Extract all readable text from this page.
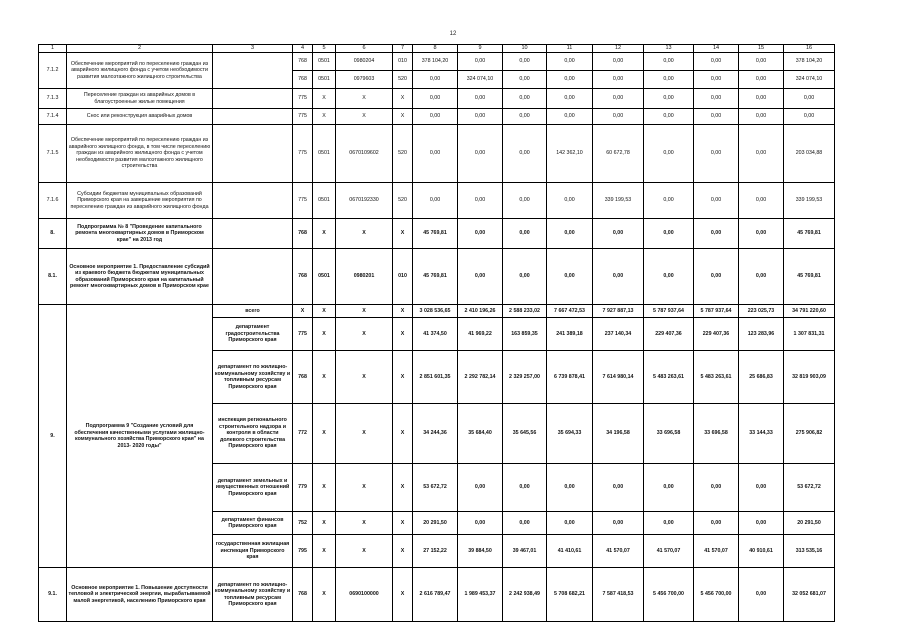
12
1	2	3	4	5	6	7	8	9	10	11	12	13	14	15	16
7.1.2	Обеспечение мероприятий по переселению граждан из аварийного жилищного фонда с учетом необходимости развития малоэтажного жилищного строительства		768	0501	0980204	010	378 104,20	0,00	0,00	0,00	0,00	0,00	0,00	0,00	378 104,20
			768	0501	0979603	520	0,00	324 074,10	0,00	0,00	0,00	0,00	0,00	0,00	324 074,10
7.1.3	Переселение граждан из аварийных домов в благоустроенные жилые помещения		775	X	X	X	0,00	0,00	0,00	0,00	0,00	0,00	0,00	0,00	0,00
7.1.4	Снос или реконструкция аварийных домов		775	X	X	X	0,00	0,00	0,00	0,00	0,00	0,00	0,00	0,00	0,00
7.1.5	Обеспечение мероприятий по переселению граждан из аварийного жилищного фонда, в том числе переселению граждан из аварийного жилищного фонда с учетом необходимости развития малоэтажного жилищного строительства		775	0501	0670109602	520	0,00	0,00	0,00	142 362,10	60 672,78	0,00	0,00	0,00	203 034,88
7.1.6	Субсидии бюджетам муниципальных образований Приморского края на завершение мероприятия по переселению граждан из аварийного жилищного фонда		775	0501	0670192330	520	0,00	0,00	0,00	0,00	339 199,53	0,00	0,00	0,00	339 199,53
8.	Подпрограмма № 8 "Проведение капитального ремонта многоквартирных домов в Приморском крае" на 2013 год		768	X	X	X	45 769,81	0,00	0,00	0,00	0,00	0,00	0,00	0,00	45 769,81
8.1.	Основное мероприятие 1. Предоставление субсидий из краевого бюджета бюджетам муниципальных образований Приморского края на капитальный ремонт многоквартирных домов в Приморском крае		768	0501	0980201	010	45 769,81	0,00	0,00	0,00	0,00	0,00	0,00	0,00	45 769,81
9.	Подпрограмма 9 "Создание условий для обеспечения качественными услугами жилищно-коммунального хозяйства Приморского края" на 2013- 2020 годы"	всего	X	X	X	X	3 028 536,65	2 410 196,26	2 588 233,02	7 667 472,53	7 927 887,13	5 787 937,64	5 787 937,64	223 025,73	34 791 220,60
		департамент градостроительства Приморского края	775	X	X	X	41 374,50	41 969,22	163 859,35	241 389,18	237 140,34	229 407,36	229 407,36	123 283,96	1 307 831,31
		департамент по жилищно-коммунальному хозяйству и топливным ресурсам Приморского края	768	X	X	X	2 851 601,35	2 292 782,14	2 329 257,00	6 739 878,41	7 614 980,14	5 483 263,61	5 483 263,61	25 686,83	32 819 903,09
		инспекция регионального строительного надзора и контроля в области долевого строительства Приморского края	772	X	X	X	34 244,36	35 684,40	35 645,56	35 694,33	34 196,58	33 696,58	33 696,58	33 144,33	275 906,82
		департамент земельных и имущественных отношений Приморского края	779	X	X	X	53 672,72	0,00	0,00	0,00	0,00	0,00	0,00	0,00	53 672,72
		департамент финансов Приморского края	752	X	X	X	20 291,50	0,00	0,00	0,00	0,00	0,00	0,00	0,00	20 291,50
		государственная жилищная инспекция Приморского края	795	X	X	X	27 152,22	39 884,50	39 467,01	41 410,61	41 570,07	41 570,07	41 570,07	40 910,61	313 535,16
9.1.	Основное мероприятие 1. Повышение доступности тепловой и электрической энергии, вырабатываемой малой энергетикой, населению Приморского края	департамент по жилищно-коммунальному хозяйству и топливным ресурсам Приморского края	768	X	0690100000	X	2 616 789,47	1 989 453,37	2 242 938,49	5 708 682,21	7 587 418,53	5 456 700,00	5 456 700,00	0,00	32 052 681,07
